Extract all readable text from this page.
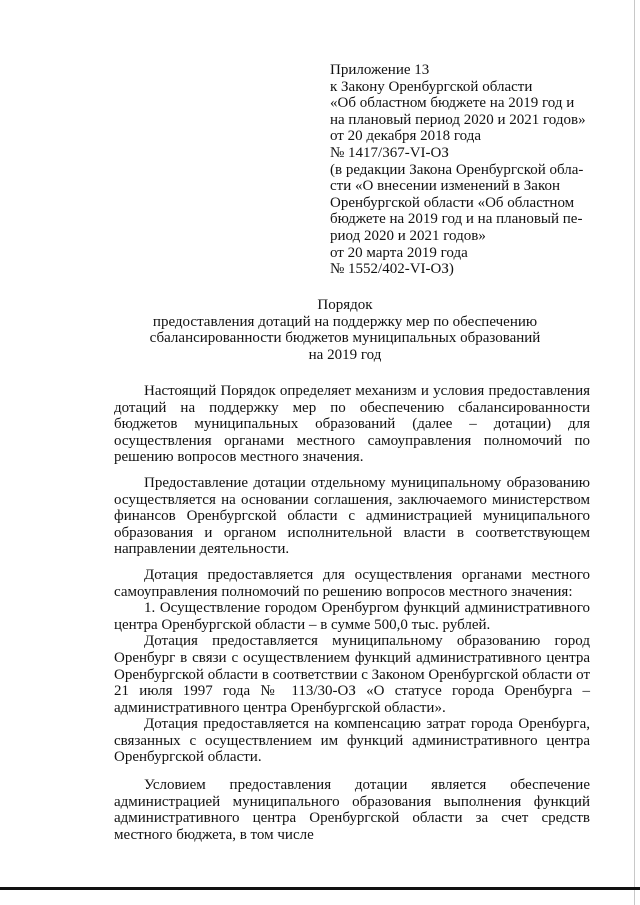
Приложение 13
к Закону Оренбургской области
«Об областном бюджете на 2019 год и
на плановый период 2020 и 2021 годов»
от 20 декабря 2018 года
№ 1417/367-VI-ОЗ
(в редакции Закона Оренбургской обла-
сти «О внесении изменений в Закон
Оренбургской области «Об областном
бюджете на 2019 год и на плановый пе-
риод 2020 и 2021 годов»
от 20 марта 2019 года
№ 1552/402-VI-ОЗ)
Порядок
предоставления дотаций на поддержку мер по обеспечению
сбалансированности бюджетов муниципальных образований
на 2019 год

Настоящий Порядок определяет механизм и условия предоставления дотаций на поддержку мер по обеспечению сбалансированности бюджетов муниципальных образований (далее – дотации) для осуществления органами местного самоуправления полномочий по решению вопросов местного значения.

Предоставление дотации отдельному муниципальному образованию осуществляется на основании соглашения, заключаемого министерством финансов Оренбургской области с администрацией муниципального образования и органом исполнительной власти в соответствующем направлении деятельности.

Дотация предоставляется для осуществления органами местного самоуправления полномочий по решению вопросов местного значения:

1. Осуществление городом Оренбургом функций административного центра Оренбургской области – в сумме 500,0 тыс. рублей.

Дотация предоставляется муниципальному образованию город Оренбург в связи с осуществлением функций административного центра Оренбургской области в соответствии с Законом Оренбургской области от 21 июля 1997 года № 113/30-ОЗ «О статусе города Оренбурга – административного центра Оренбургской области».

Дотация предоставляется на компенсацию затрат города Оренбурга, связанных с осуществлением им функций административного центра Оренбургской области.

Условием предоставления дотации является обеспечение администрацией муниципального образования выполнения функций административного центра Оренбургской области за счет средств местного бюджета, в том числе
